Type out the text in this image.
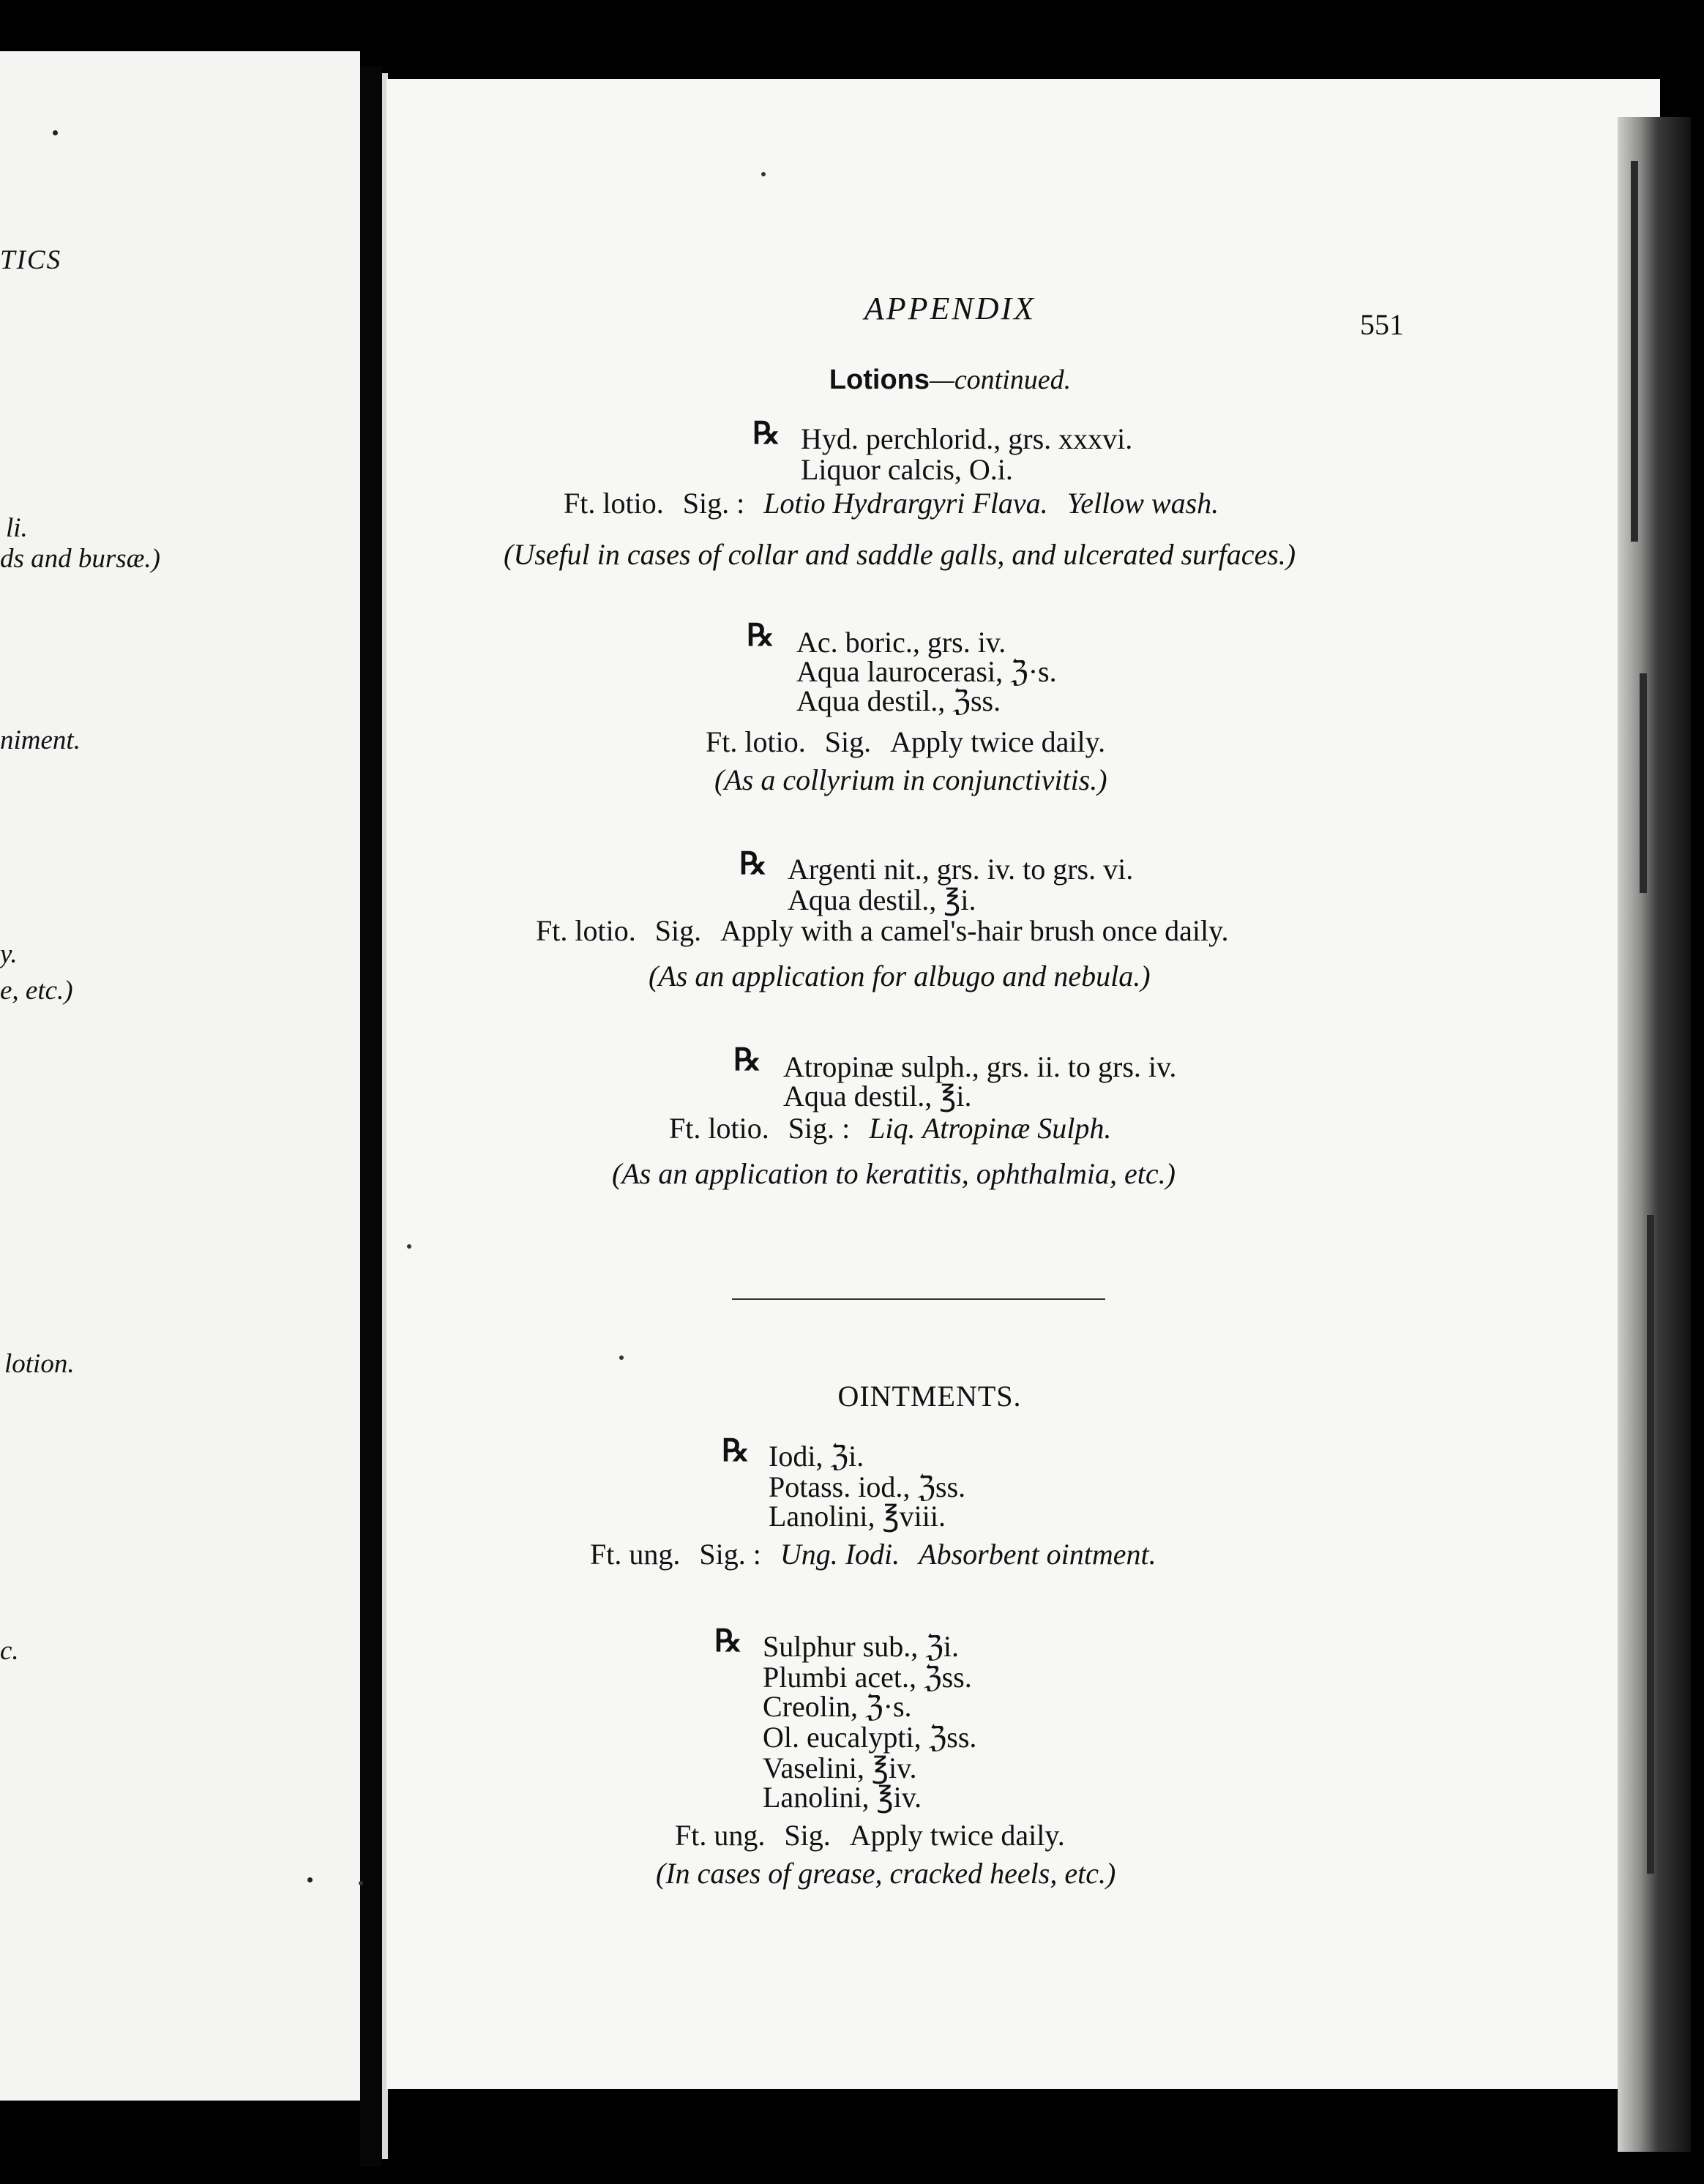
TICS
li.
ds and bursæ.)
niment.
y.
e, etc.)
lotion.
c.
APPENDIX	551
Lotions—continued.
℞ Hyd. perchlorid., grs. xxxvi.
Liquor calcis, O.i.
Ft. lotio. Sig. : Lotio Hydrargyri Flava. Yellow wash.
(Useful in cases of collar and saddle galls, and ulcerated surfaces.)
℞ Ac. boric., grs. iv.
Aqua laurocerasi, ℨ·s.
Aqua destil., ℨss.
Ft. lotio. Sig. Apply twice daily.
(As a collyrium in conjunctivitis.)
℞ Argenti nit., grs. iv. to grs. vi.
Aqua destil., ℥i.
Ft. lotio. Sig. Apply with a camel's-hair brush once daily.
(As an application for albugo and nebula.)
℞ Atropinæ sulph., grs. ii. to grs. iv.
Aqua destil., ℥i.
Ft. lotio. Sig. : Liq. Atropinæ Sulph.
(As an application to keratitis, ophthalmia, etc.)
OINTMENTS.
℞ Iodi, ℨi.
Potass. iod., ℨss.
Lanolini, ℥viii.
Ft. ung. Sig. : Ung. Iodi. Absorbent ointment.
℞ Sulphur sub., ℨi.
Plumbi acet., ℨss.
Creolin, ℨ·s.
Ol. eucalypti, ℨss.
Vaselini, ℥iv.
Lanolini, ℥iv.
Ft. ung. Sig. Apply twice daily.
(In cases of grease, cracked heels, etc.)
